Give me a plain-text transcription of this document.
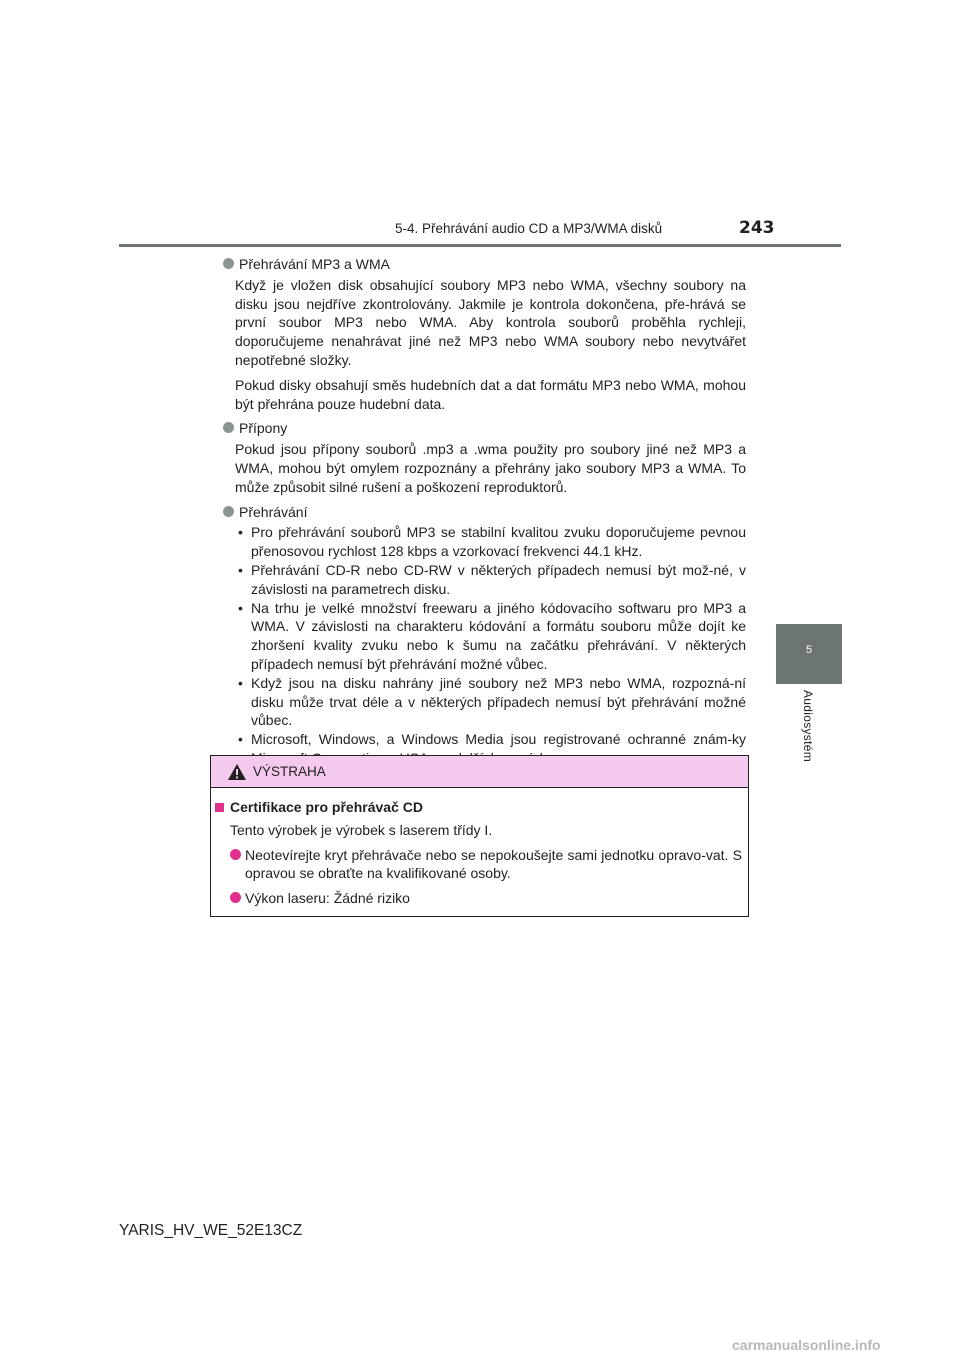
5-4. Přehrávání audio CD a MP3/WMA disků	243
5
Audiosystém
Přehrávání MP3 a WMA
Když je vložen disk obsahující soubory MP3 nebo WMA, všechny soubory na disku jsou nejdříve zkontrolovány. Jakmile je kontrola dokončena, pře-hrává se první soubor MP3 nebo WMA. Aby kontrola souborů proběhla rychleji, doporučujeme nenahrávat jiné než MP3 nebo WMA soubory nebo nevytvářet nepotřebné složky.
Pokud disky obsahují směs hudebních dat a dat formátu MP3 nebo WMA, mohou být přehrána pouze hudební data.
Přípony
Pokud jsou přípony souborů .mp3 a .wma použity pro soubory jiné než MP3 a WMA, mohou být omylem rozpoznány a přehrány jako soubory MP3 a WMA. To může způsobit silné rušení a poškození reproduktorů.
Přehrávání
• Pro přehrávání souborů MP3 se stabilní kvalitou zvuku doporučujeme pevnou přenosovou rychlost 128 kbps a vzorkovací frekvenci 44.1 kHz.
• Přehrávání CD-R nebo CD-RW v některých případech nemusí být mož-né, v závislosti na parametrech disku.
• Na trhu je velké množství freewaru a jiného kódovacího softwaru pro MP3 a WMA. V závislosti na charakteru kódování a formátu souboru může dojít ke zhoršení kvality zvuku nebo k šumu na začátku přehrávání. V některých případech nemusí být přehrávání možné vůbec.
• Když jsou na disku nahrány jiné soubory než MP3 nebo WMA, rozpozná-ní disku může trvat déle a v některých případech nemusí být přehrávání možné vůbec.
• Microsoft, Windows, a Windows Media jsou registrované ochranné znám-ky
VÝSTRAHA
Certifikace pro přehrávač CD
Tento výrobek je výrobek s laserem třídy I.
Neotevírejte kryt přehrávače nebo se nepokoušejte sami jednotku opravo-vat. S opravou se obraťte na kvalifikované osoby.
Výkon laseru: Žádné riziko
YARIS_HV_WE_52E13CZ
carmanualsonline.info
